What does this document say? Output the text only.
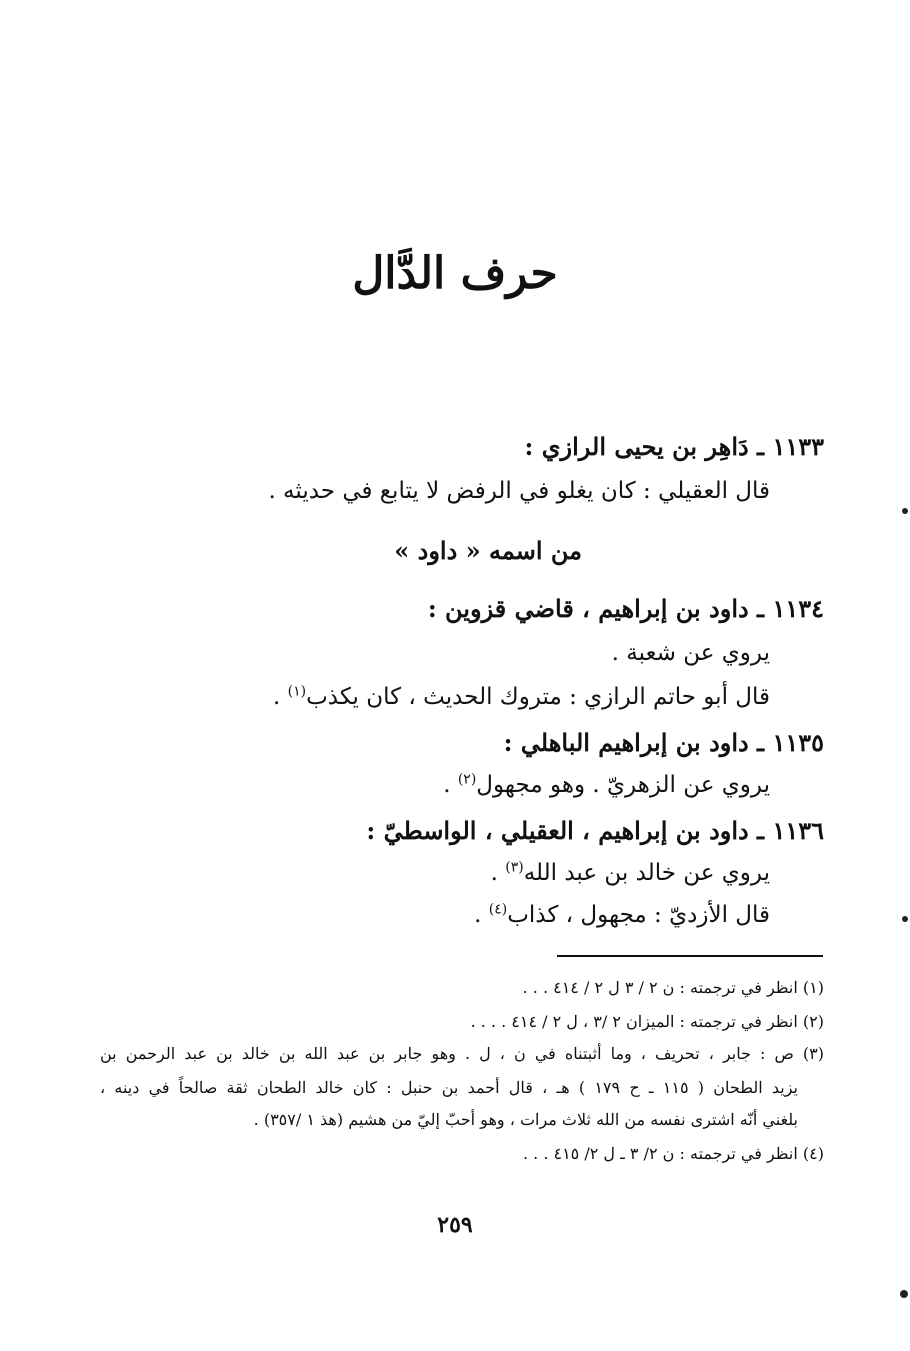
حرف الدَّال
١١٣٣ ـ دَاهِر بن يحيى الرازي :
قال العقيلي : كان يغلو في الرفض لا يتابع في حديثه .
من اسمه « داود »
١١٣٤ ـ داود بن إبراهيم ، قاضي قزوين :
يروي عن شعبة .
قال أبو حاتم الرازي : متروك الحديث ، كان يكذب$^{(١)}$ .
١١٣٥ ـ داود بن إبراهيم الباهلي :
يروي عن الزهريّ . وهو مجهول$^{(٢)}$ .
١١٣٦ ـ داود بن إبراهيم ، العقيلي ، الواسطيّ :
يروي عن خالد بن عبد الله$^{(٣)}$ .
قال الأزديّ : مجهول ، كذاب$^{(٤)}$ .
(١) انظر في ترجمته : ن ٢ / ٣ ل ٢ / ٤١٤ . . .
(٢) انظر في ترجمته : الميزان ٢ /٣ ، ل ٢ / ٤١٤ . . . .
(٣) ص : جابر ، تحريف ، وما أثبتناه في ن ، ل . وهو جابر بن عبد الله بن خالد بن عبد الرحمن بن
يزيد الطحان ( ١١٥ ـ ح ١٧٩ ) هـ ، قال أحمد بن حنبل : كان خالد الطحان ثقة صالحاً في دينه ،
بلغني أنّه اشترى نفسه من الله ثلاث مرات ، وهو أحبّ إليّ من هشيم (هذ ١ /٣٥٧) .
(٤) انظر في ترجمته : ن ٢/ ٣ ـ ل ٢/ ٤١٥ . . .
٢٥٩
